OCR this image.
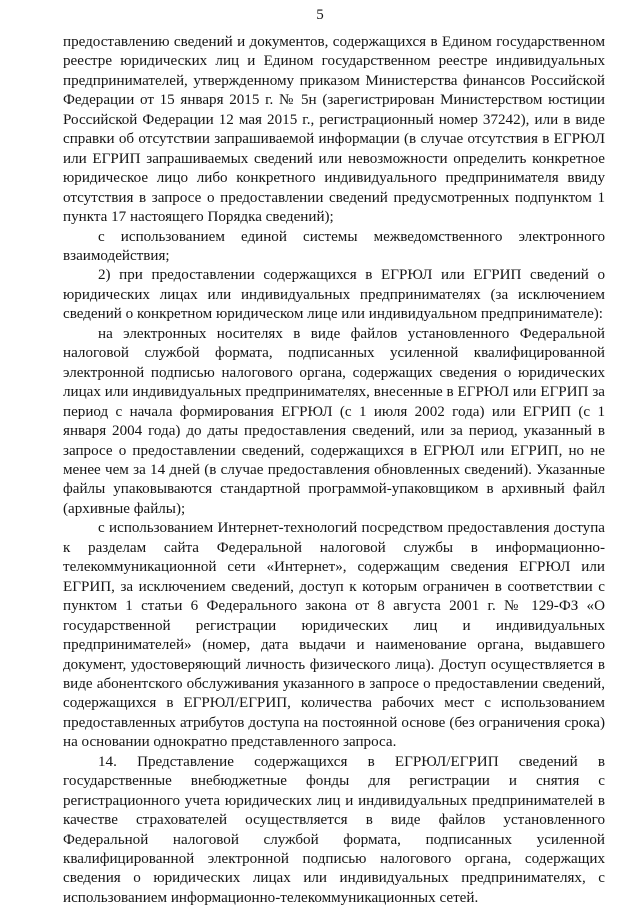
5

предоставлению сведений и документов, содержащихся в Едином государственном реестре юридических лиц и Едином государственном реестре индивидуальных предпринимателей, утвержденному приказом Министерства финансов Российской Федерации от 15 января 2015 г. № 5н (зарегистрирован Министерством юстиции Российской Федерации 12 мая 2015 г., регистрационный номер 37242), или в виде справки об отсутствии запрашиваемой информации (в случае отсутствия в ЕГРЮЛ или ЕГРИП запрашиваемых сведений или невозможности определить конкретное юридическое лицо либо конкретного индивидуального предпринимателя ввиду отсутствия в запросе о предоставлении сведений предусмотренных подпунктом 1 пункта 17 настоящего Порядка сведений);

с использованием единой системы межведомственного электронного взаимодействия;

2) при предоставлении содержащихся в ЕГРЮЛ или ЕГРИП сведений о юридических лицах или индивидуальных предпринимателях (за исключением сведений о конкретном юридическом лице или индивидуальном предпринимателе):

на электронных носителях в виде файлов установленного Федеральной налоговой службой формата, подписанных усиленной квалифицированной электронной подписью налогового органа, содержащих сведения о юридических лицах или индивидуальных предпринимателях, внесенные в ЕГРЮЛ или ЕГРИП за период с начала формирования ЕГРЮЛ (с 1 июля 2002 года) или ЕГРИП (с 1 января 2004 года) до даты предоставления сведений, или за период, указанный в запросе о предоставлении сведений, содержащихся в ЕГРЮЛ или ЕГРИП, но не менее чем за 14 дней (в случае предоставления обновленных сведений). Указанные файлы упаковываются стандартной программой-упаковщиком в архивный файл (архивные файлы);

с использованием Интернет-технологий посредством предоставления доступа к разделам сайта Федеральной налоговой службы в информационно-телекоммуникационной сети «Интернет», содержащим сведения ЕГРЮЛ или ЕГРИП, за исключением сведений, доступ к которым ограничен в соответствии с пунктом 1 статьи 6 Федерального закона от 8 августа 2001 г. № 129-ФЗ «О государственной регистрации юридических лиц и индивидуальных предпринимателей» (номер, дата выдачи и наименование органа, выдавшего документ, удостоверяющий личность физического лица). Доступ осуществляется в виде абонентского обслуживания указанного в запросе о предоставлении сведений, содержащихся в ЕГРЮЛ/ЕГРИП, количества рабочих мест с использованием предоставленных атрибутов доступа на постоянной основе (без ограничения срока) на основании однократно представленного запроса.

14. Представление содержащихся в ЕГРЮЛ/ЕГРИП сведений в государственные внебюджетные фонды для регистрации и снятия с регистрационного учета юридических лиц и индивидуальных предпринимателей в качестве страхователей осуществляется в виде файлов установленного Федеральной налоговой службой формата, подписанных усиленной квалифицированной электронной подписью налогового органа, содержащих сведения о юридических лицах или индивидуальных предпринимателях, с использованием информационно-телекоммуникационных сетей.
